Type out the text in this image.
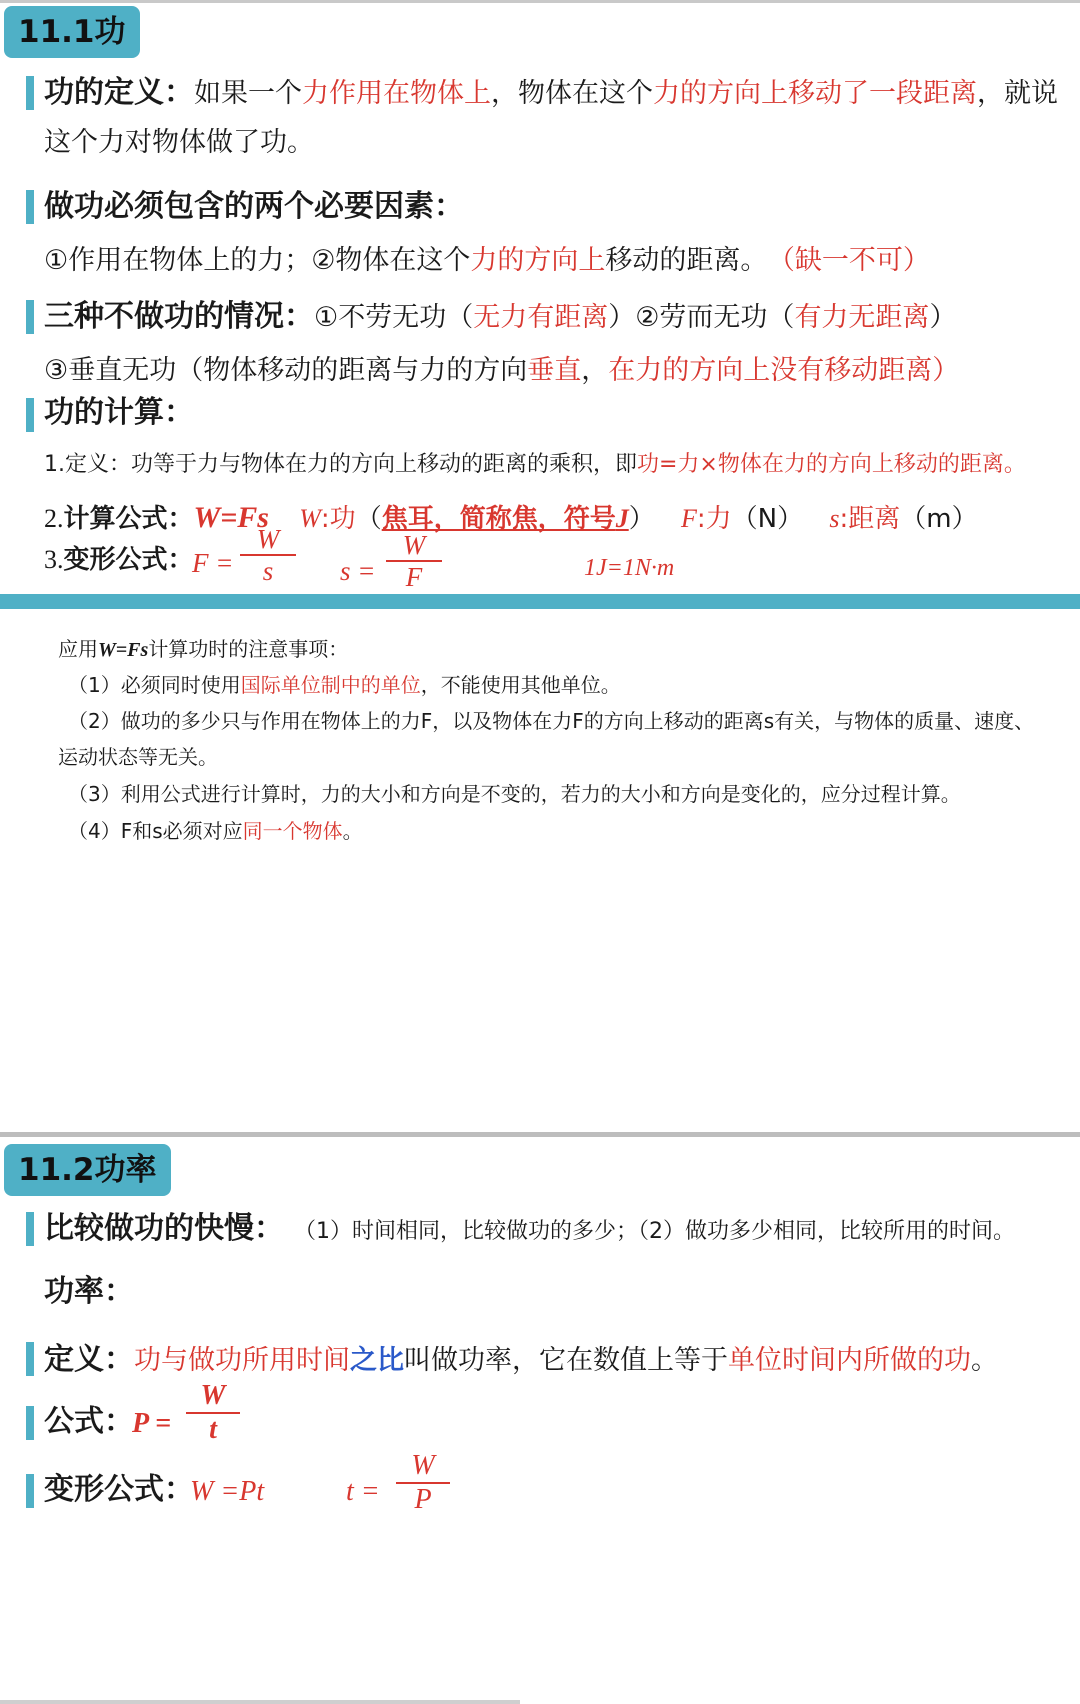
11.1功
功的定义：如果一个力作用在物体上，物体在这个力的方向上移动了一段距离，就说
这个力对物体做了功。
做功必须包含的两个必要因素：
①作用在物体上的力；②物体在这个力的方向上移动的距离。 （缺一不可）
三种不做功的情况：①不劳无功（无力有距离）②劳而无功（有力无距离）
③垂直无功（物体移动的距离与力的方向垂直，在力的方向上没有移动距离）
功的计算：
1.定义：功等于力与物体在力的方向上移动的距离的乘积，即功=力×物体在力的方向上移动的距离。
2.计算公式：W=Fs W:功（焦耳，简称焦，符号J） F:力（N） s:距离（m）
3.变形公式：
F =
W
s	s =
W
F	1J=1N·m
应用W=Fs计算功时的注意事项：
（1）必须同时使用国际单位制中的单位，不能使用其他单位。
（2）做功的多少只与作用在物体上的力F，以及物体在力F的方向上移动的距离s有关，与物体的质量、速度、
运动状态等无关。
（3）利用公式进行计算时，力的大小和方向是不变的，若力的大小和方向是变化的，应分过程计算。
（4）F和s必须对应同一个物体。
11.2功率
比较做功的快慢： （1）时间相同，比较做功的多少；（2）做功多少相同，比较所用的时间。
功率：
定义：功与做功所用时间之比叫做功率，它在数值上等于单位时间内所做的功。
公式：
P =
W
t
变形公式：
W =Pt	t =
W
P
